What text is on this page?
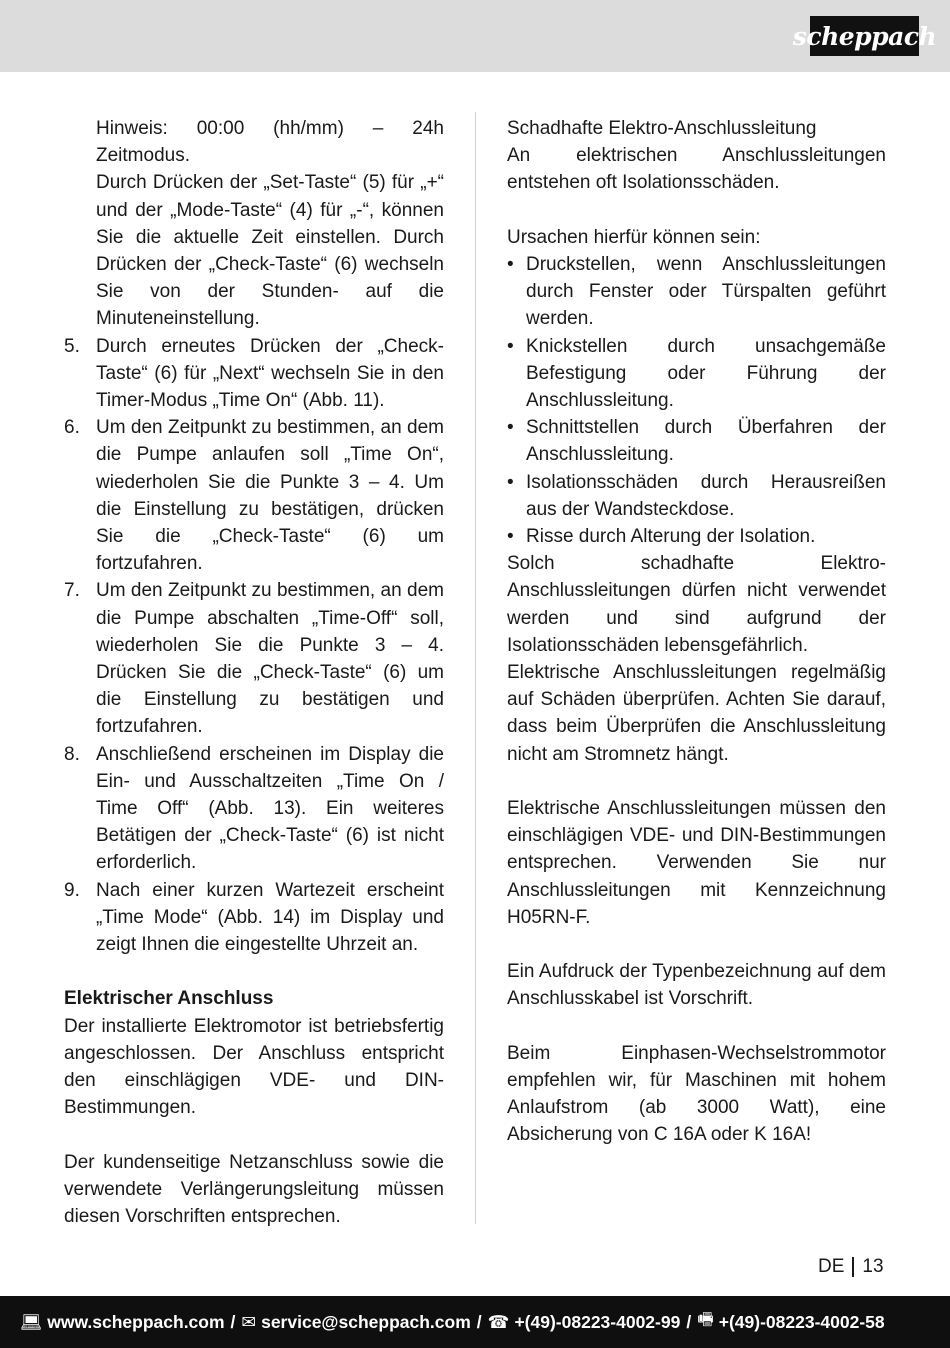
scheppach

Hinweis: 00:00 (hh/mm) – 24h Zeitmodus.

Durch Drücken der „Set-Taste“ (5) für „+“ und der „Mode-Taste“ (4) für „-“, können Sie die aktuelle Zeit einstellen. Durch Drücken der „Check-Taste“ (6) wechseln Sie von der Stunden- auf die Minuteneinstellung.

5. Durch erneutes Drücken der „Check-Taste“ (6) für „Next“ wechseln Sie in den Timer-Modus „Time On“ (Abb. 11).
6. Um den Zeitpunkt zu bestimmen, an dem die Pumpe anlaufen soll „Time On“, wiederholen Sie die Punkte 3 – 4. Um die Einstellung zu bestätigen, drücken Sie die „Check-Taste“ (6) um fortzufahren.
7. Um den Zeitpunkt zu bestimmen, an dem die Pumpe abschalten „Time-Off“ soll, wiederholen Sie die Punkte 3 – 4. Drücken Sie die „Check-Taste“ (6) um die Einstellung zu bestätigen und fortzufahren.
8. Anschließend erscheinen im Display die Ein- und Ausschaltzeiten „Time On / Time Off“ (Abb. 13). Ein weiteres Betätigen der „Check-Taste“ (6) ist nicht erforderlich.
9. Nach einer kurzen Wartezeit erscheint „Time Mode“ (Abb. 14) im Display und zeigt Ihnen die eingestellte Uhrzeit an.

Elektrischer Anschluss

Der installierte Elektromotor ist betriebsfertig angeschlossen. Der Anschluss entspricht den einschlägigen VDE- und DIN-Bestimmungen.

Der kundenseitige Netzanschluss sowie die verwendete Verlängerungsleitung müssen diesen Vorschriften entsprechen.

Schadhafte Elektro-Anschlussleitung

An elektrischen Anschlussleitungen entstehen oft Isolationsschäden.

Ursachen hierfür können sein:

• Druckstellen, wenn Anschlussleitungen durch Fenster oder Türspalten geführt werden.
• Knickstellen durch unsachgemäße Befestigung oder Führung der Anschlussleitung.
• Schnittstellen durch Überfahren der Anschlussleitung.
• Isolationsschäden durch Herausreißen aus der Wandsteckdose.
• Risse durch Alterung der Isolation.

Solch schadhafte Elektro-Anschlussleitungen dürfen nicht verwendet werden und sind aufgrund der Isolationsschäden lebensgefährlich.

Elektrische Anschlussleitungen regelmäßig auf Schäden überprüfen. Achten Sie darauf, dass beim Überprüfen die Anschlussleitung nicht am Stromnetz hängt.

Elektrische Anschlussleitungen müssen den einschlägigen VDE- und DIN-Bestimmungen entsprechen. Verwenden Sie nur Anschlussleitungen mit Kennzeichnung H05RN-F.

Ein Aufdruck der Typenbezeichnung auf dem Anschlusskabel ist Vorschrift.

Beim Einphasen-Wechselstrommotor empfehlen wir, für Maschinen mit hohem Anlaufstrom (ab 3000 Watt), eine Absicherung von C 16A oder K 16A!

DE 13
💻︎ www.scheppach.com / ✉︎ service@scheppach.com / ☎︎ +(49)-08223-4002-99 / 🖷︎ +(49)-08223-4002-58
